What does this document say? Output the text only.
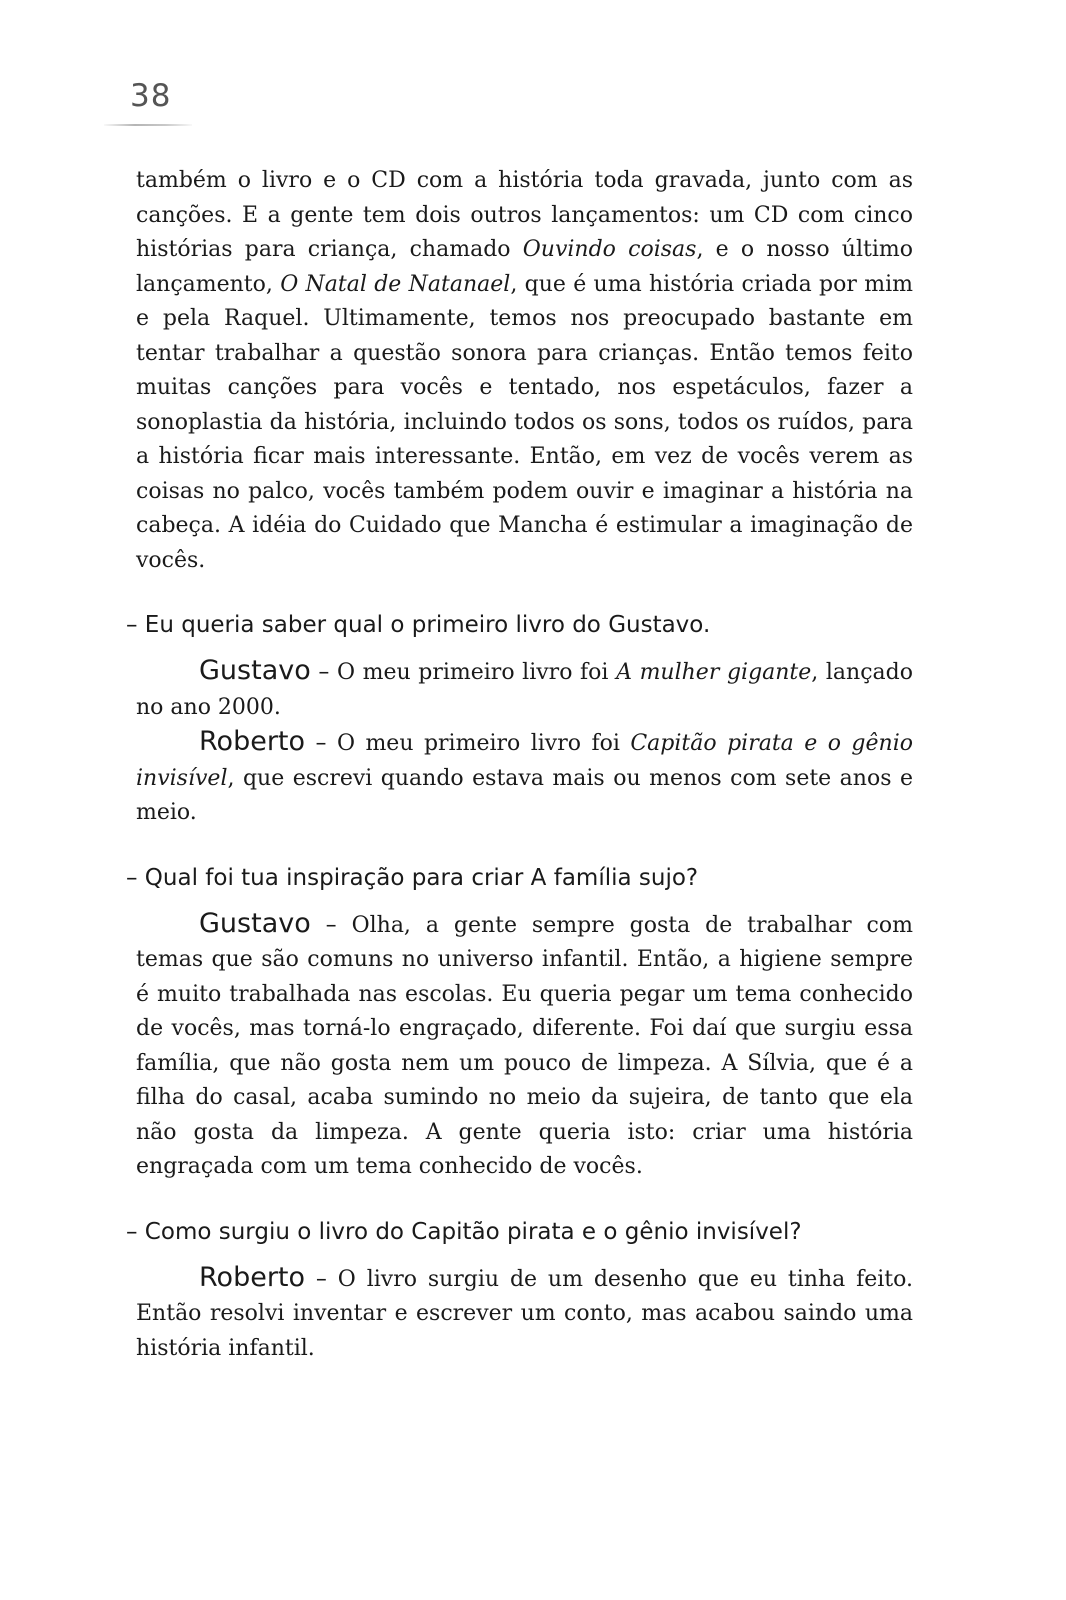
38

também o livro e o CD com a história toda gravada, junto com as canções. E a gente tem dois outros lançamentos: um CD com cinco histórias para criança, chamado Ouvindo coisas, e o nosso último lançamento, O Natal de Natanael, que é uma história criada por mim e pela Raquel. Ultimamente, temos nos preocupado bastante em tentar trabalhar a questão sonora para crianças. Então temos feito muitas canções para vocês e tentado, nos espetáculos, fazer a sonoplastia da história, incluindo todos os sons, todos os ruídos, para a história ficar mais interessante. Então, em vez de vocês verem as coisas no palco, vocês também podem ouvir e imaginar a história na cabeça. A idéia do Cuidado que Mancha é estimular a imaginação de vocês.

– Eu queria saber qual o primeiro livro do Gustavo.

Gustavo – O meu primeiro livro foi A mulher gigante, lançado no ano 2000.

Roberto – O meu primeiro livro foi Capitão pirata e o gênio invisível, que escrevi quando estava mais ou menos com sete anos e meio.

– Qual foi tua inspiração para criar A família sujo?

Gustavo – Olha, a gente sempre gosta de trabalhar com temas que são comuns no universo infantil. Então, a higiene sempre é muito trabalhada nas escolas. Eu queria pegar um tema conhecido de vocês, mas torná-lo engraçado, diferente. Foi daí que surgiu essa família, que não gosta nem um pouco de limpeza. A Sílvia, que é a filha do casal, acaba sumindo no meio da sujeira, de tanto que ela não gosta da limpeza. A gente queria isto: criar uma história engraçada com um tema conhecido de vocês.

– Como surgiu o livro do Capitão pirata e o gênio invisível?

Roberto – O livro surgiu de um desenho que eu tinha feito. Então resolvi inventar e escrever um conto, mas acabou saindo uma história infantil.
